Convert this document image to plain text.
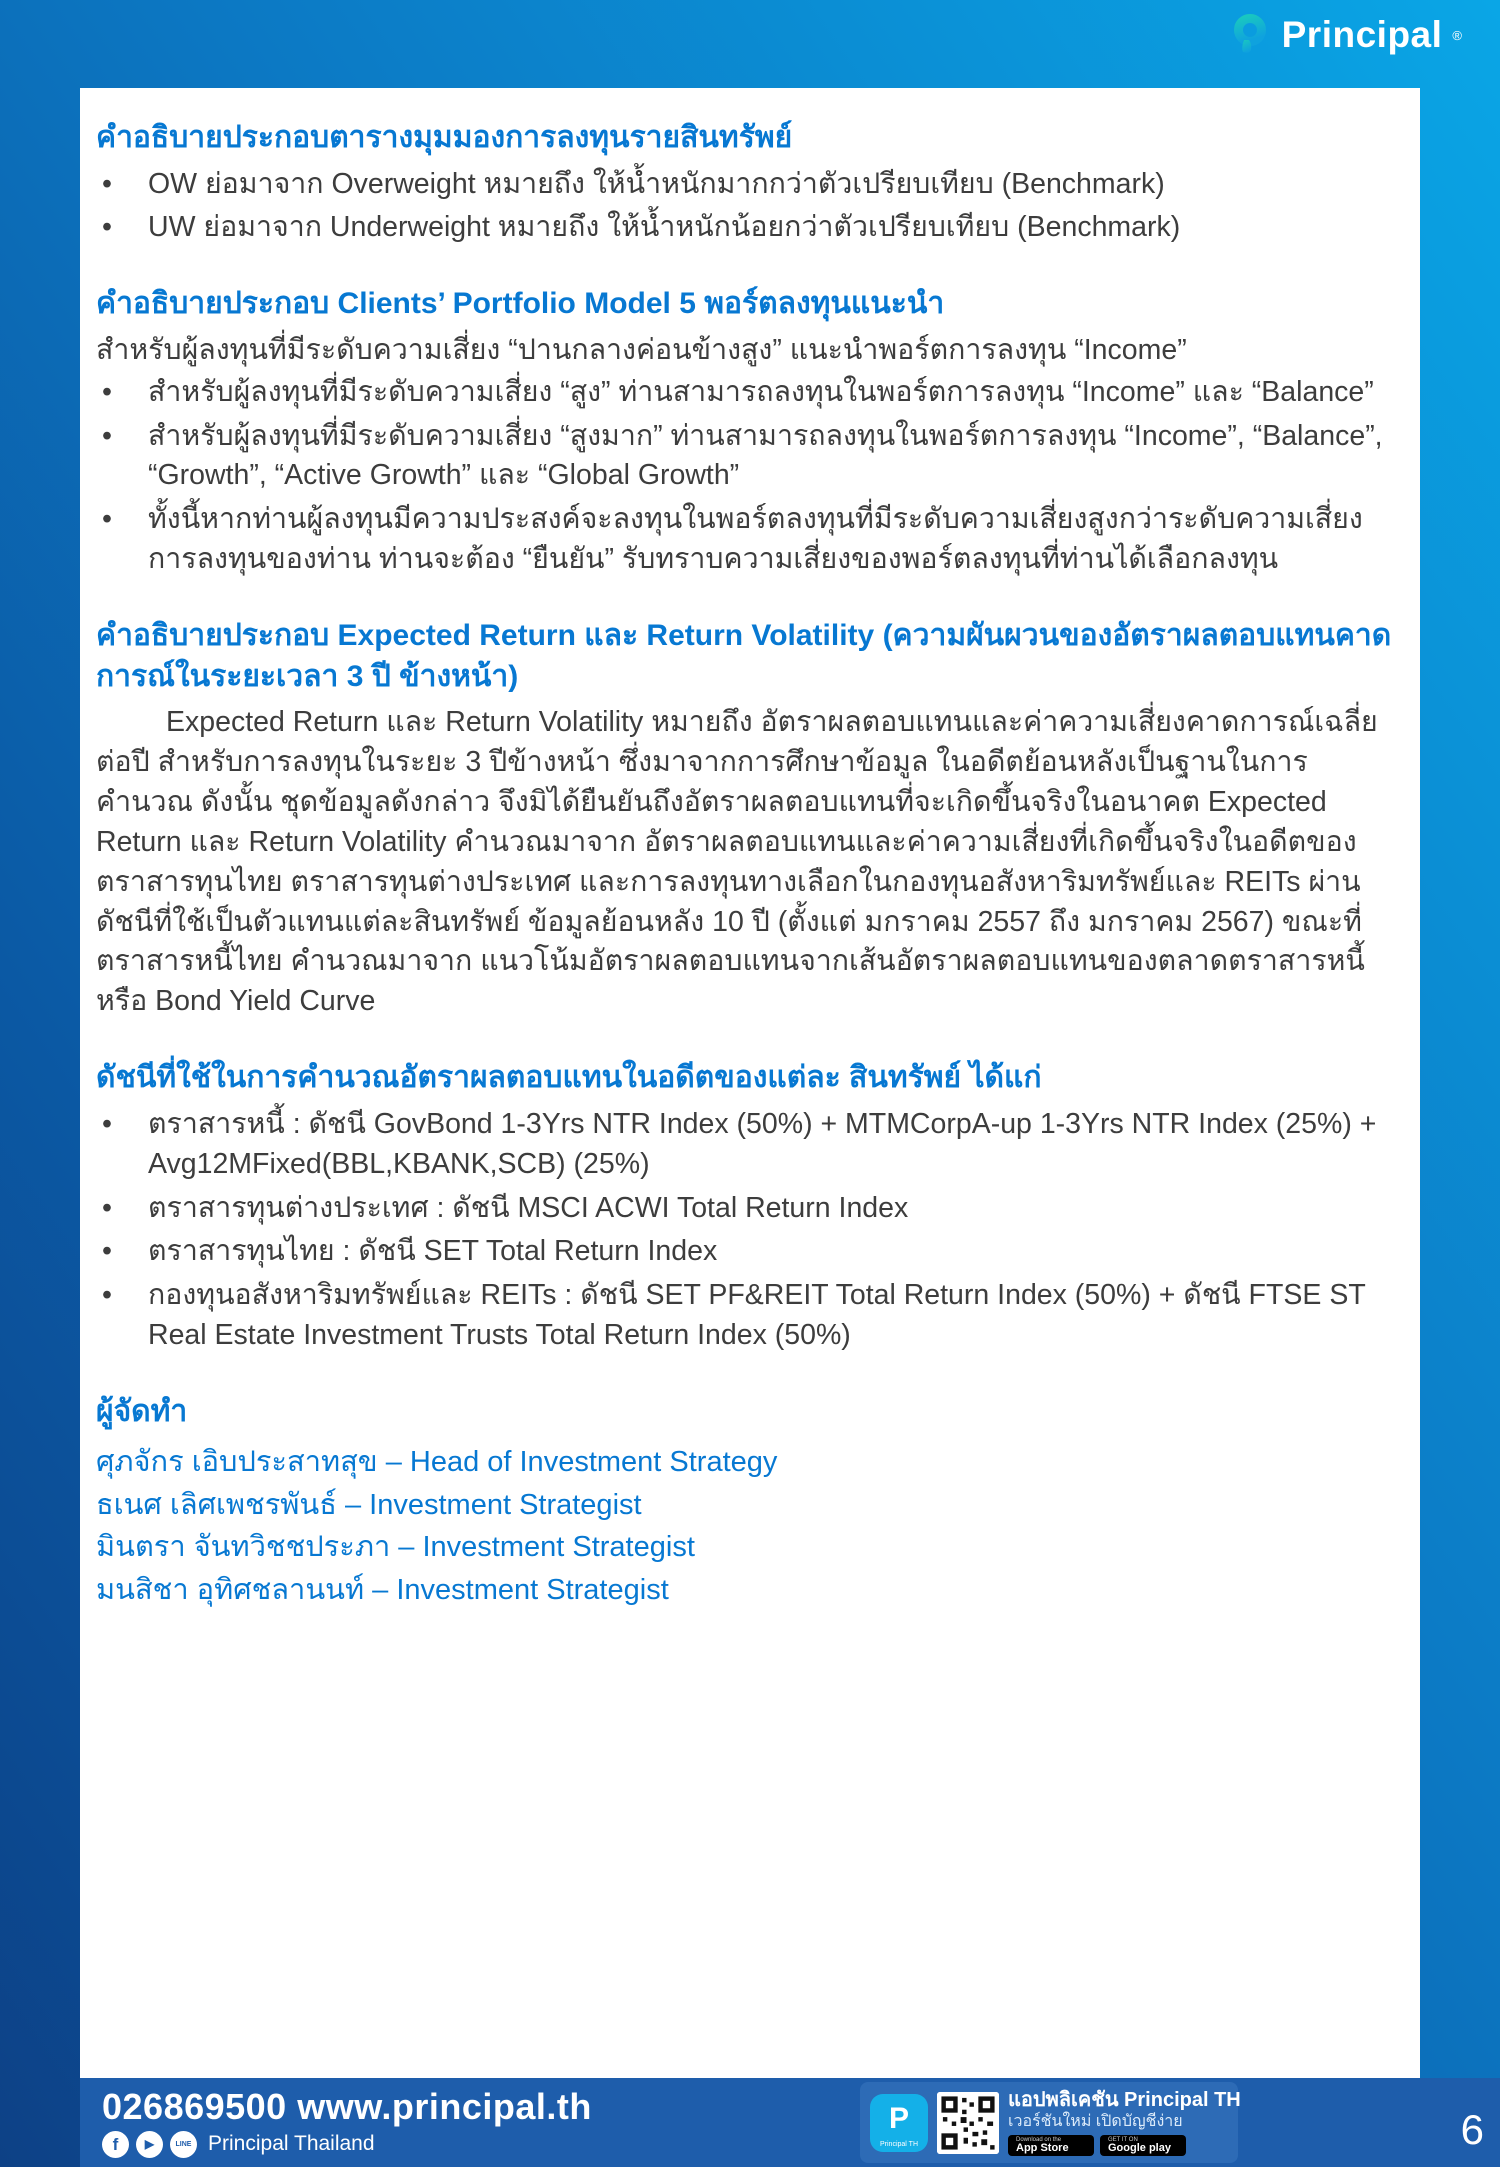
Principal ®
คำอธิบายประกอบตารางมุมมองการลงทุนรายสินทรัพย์
• OW ย่อมาจาก Overweight หมายถึง ให้น้ำหนักมากกว่าตัวเปรียบเทียบ (Benchmark)
• UW ย่อมาจาก Underweight หมายถึง ให้น้ำหนักน้อยกว่าตัวเปรียบเทียบ (Benchmark)
คำอธิบายประกอบ Clients’ Portfolio Model 5 พอร์ตลงทุนแนะนำ

สำหรับผู้ลงทุนที่มีระดับความเสี่ยง “ปานกลางค่อนข้างสูง” แนะนำพอร์ตการลงทุน “Income”

• สำหรับผู้ลงทุนที่มีระดับความเสี่ยง “สูง” ท่านสามารถลงทุนในพอร์ตการลงทุน “Income” และ “Balance”
• สำหรับผู้ลงทุนที่มีระดับความเสี่ยง “สูงมาก” ท่านสามารถลงทุนในพอร์ตการลงทุน “Income”, “Balance”, “Growth”, “Active Growth” และ “Global Growth”
• ทั้งนี้หากท่านผู้ลงทุนมีความประสงค์จะลงทุนในพอร์ตลงทุนที่มีระดับความเสี่ยงสูงกว่าระดับความเสี่ยงการลงทุนของท่าน ท่านจะต้อง “ยืนยัน” รับทราบความเสี่ยงของพอร์ตลงทุนที่ท่านได้เลือกลงทุน
คำอธิบายประกอบ Expected Return และ Return Volatility (ความผันผวนของอัตราผลตอบแทนคาดการณ์ในระยะเวลา 3 ปี ข้างหน้า)

Expected Return และ Return Volatility หมายถึง อัตราผลตอบแทนและค่าความเสี่ยงคาดการณ์เฉลี่ยต่อปี สำหรับการลงทุนในระยะ 3 ปีข้างหน้า ซึ่งมาจากการศึกษาข้อมูล ในอดีตย้อนหลังเป็นฐานในการคำนวณ ดังนั้น ชุดข้อมูลดังกล่าว จึงมิได้ยืนยันถึงอัตราผลตอบแทนที่จะเกิดขึ้นจริงในอนาคต Expected Return และ Return Volatility คำนวณมาจาก อัตราผลตอบแทนและค่าความเสี่ยงที่เกิดขึ้นจริงในอดีตของตราสารทุนไทย ตราสารทุนต่างประเทศ และการลงทุนทางเลือกในกองทุนอสังหาริมทรัพย์และ REITs ผ่านดัชนีที่ใช้เป็นตัวแทนแต่ละสินทรัพย์ ข้อมูลย้อนหลัง 10 ปี (ตั้งแต่ มกราคม 2557 ถึง มกราคม 2567) ขณะที่ตราสารหนี้ไทย คำนวณมาจาก แนวโน้มอัตราผลตอบแทนจากเส้นอัตราผลตอบแทนของตลาดตราสารหนี้ หรือ Bond Yield Curve

ดัชนีที่ใช้ในการคำนวณอัตราผลตอบแทนในอดีตของแต่ละ สินทรัพย์ ได้แก่
• ตราสารหนี้ : ดัชนี GovBond 1-3Yrs NTR Index (50%) + MTMCorpA-up 1-3Yrs NTR Index (25%) + Avg12MFixed(BBL,KBANK,SCB) (25%)
• ตราสารทุนต่างประเทศ : ดัชนี MSCI ACWI Total Return Index
• ตราสารทุนไทย : ดัชนี SET Total Return Index
• กองทุนอสังหาริมทรัพย์และ REITs : ดัชนี SET PF&REIT Total Return Index (50%) + ดัชนี FTSE ST Real Estate Investment Trusts Total Return Index (50%)
ผู้จัดทำ

ศุภจักร เอิบประสาทสุข – Head of Investment Strategy

ธเนศ เลิศเพชรพันธ์ – Investment Strategist

มินตรา จันทวิชชประภา – Investment Strategist

มนสิชา อุทิศชลานนท์ – Investment Strategist

026869500 www.principal.th
f	▶	LINE Principal Thailand
P
Principal TH
แอปพลิเคชัน Principal TH
เวอร์ชันใหม่ เปิดบัญชีง่าย
Download on the
App Store
GET IT ON
Google play	6
